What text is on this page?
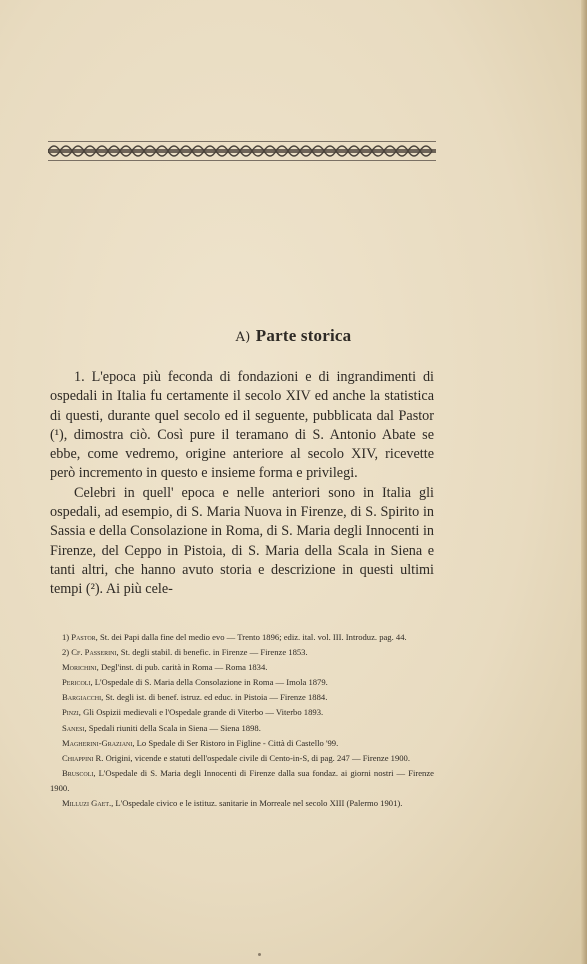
A) Parte storica

1. L'epoca più feconda di fondazioni e di ingrandimenti di ospedali in Italia fu certamente il secolo XIV ed anche la statistica di questi, durante quel secolo ed il seguente, pubblicata dal Pastor (¹), dimostra ciò. Così pure il teramano di S. Antonio Abate se ebbe, come vedremo, origine anteriore al secolo XIV, ricevette però incremento in questo e insieme forma e privilegi.

Celebri in quell' epoca e nelle anteriori sono in Italia gli ospedali, ad esempio, di S. Maria Nuova in Firenze, di S. Spirito in Sassia e della Consolazione in Roma, di S. Maria degli Innocenti in Firenze, del Ceppo in Pistoia, di S. Maria della Scala in Siena e tanti altri, che hanno avuto storia e descrizione in questi ultimi tempi (²). Ai più cele-

1) Pastor, St. dei Papi dalla fine del medio evo — Trento 1896; ediz. ital. vol. III. Introduz. pag. 44.

2) Cf. Passerini, St. degli stabil. di benefic. in Firenze — Firenze 1853.

Morichini, Degl'inst. di pub. carità in Roma — Roma 1834.

Pericoli, L'Ospedale di S. Maria della Consolazione in Roma — Imola 1879.

Bargiacchi, St. degli ist. di benef. istruz. ed educ. in Pistoia — Firenze 1884.

Pinzi, Gli Ospizii medievali e l'Ospedale grande di Viterbo — Viterbo 1893.

Sanesi, Spedali riuniti della Scala in Siena — Siena 1898.

Magherini-Graziani, Lo Spedale di Ser Ristoro in Figline - Città di Castello '99.

Chiappini R. Origini, vicende e statuti dell'ospedale civile di Cento-in-S, di pag. 247 — Firenze 1900.

Bruscoli, L'Ospedale di S. Maria degli Innocenti di Firenze dalla sua fondaz. ai giorni nostri — Firenze 1900.

Milluzi Gaet., L'Ospedale civico e le istituz. sanitarie in Morreale nel secolo XIII (Palermo 1901).
